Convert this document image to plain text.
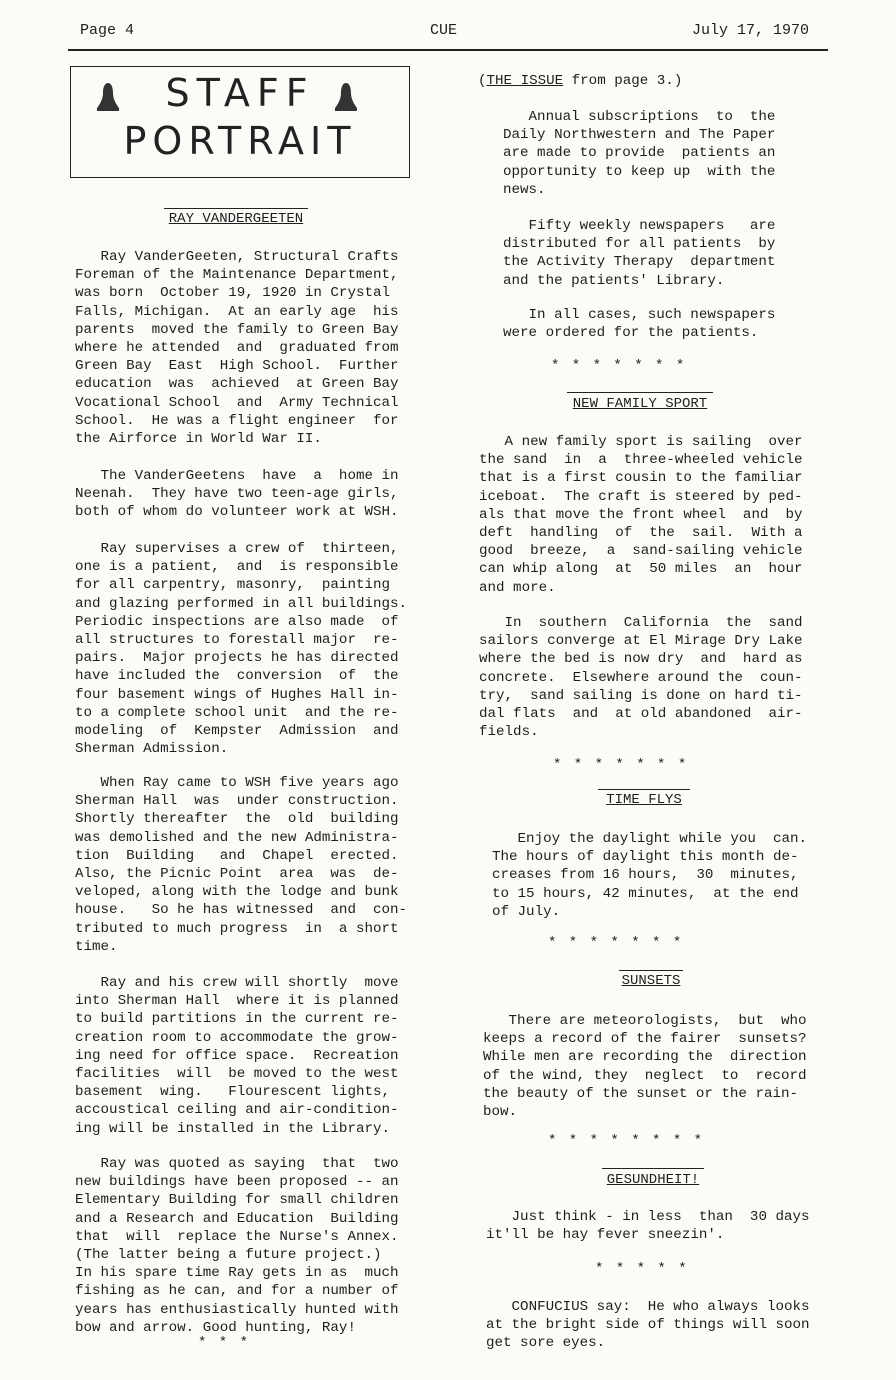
Page 4	CUE	July 17, 1970
STAFF
PORTRAIT
RAY VANDERGEETEN
Ray VanderGeeten, Structural Crafts
Foreman of the Maintenance Department,
was born  October 19, 1920 in Crystal
Falls, Michigan.  At an early age  his
parents  moved the family to Green Bay
where he attended  and  graduated from
Green Bay  East  High School.  Further
education  was  achieved  at Green Bay
Vocational School  and  Army Technical
School.  He was a flight engineer  for
the Airforce in World War II.
The VanderGeetens  have  a  home in
Neenah.  They have two teen-age girls,
both of whom do volunteer work at WSH.
Ray supervises a crew of  thirteen,
one is a patient,  and  is responsible
for all carpentry, masonry,  painting
and glazing performed in all buildings.
Periodic inspections are also made  of
all structures to forestall major  re-
pairs.  Major projects he has directed
have included the  conversion  of  the
four basement wings of Hughes Hall in-
to a complete school unit  and the re-
modeling  of  Kempster  Admission  and
Sherman Admission.
When Ray came to WSH five years ago
Sherman Hall  was  under construction.
Shortly thereafter  the  old  building
was demolished and the new Administra-
tion  Building   and  Chapel  erected.
Also, the Picnic Point  area  was  de-
veloped, along with the lodge and bunk
house.   So he has witnessed  and  con-
tributed to much progress  in  a short
time.
Ray and his crew will shortly  move
into Sherman Hall  where it is planned
to build partitions in the current re-
creation room to accommodate the grow-
ing need for office space.  Recreation
facilities  will  be moved to the west
basement  wing.   Flourescent lights,
accoustical ceiling and air-condition-
ing will be installed in the Library.
Ray was quoted as saying  that  two
new buildings have been proposed -- an
Elementary Building for small children
and a Research and Education  Building
that  will  replace the Nurse's Annex.
(The latter being a future project.)
In his spare time Ray gets in as  much
fishing as he can, and for a number of
years has enthusiastically hunted with
bow and arrow. Good hunting, Ray!
* * *
(THE ISSUE from page 3.)
Annual subscriptions  to  the
Daily Northwestern and The Paper
are made to provide  patients an
opportunity to keep up  with the
news.
Fifty weekly newspapers   are
distributed for all patients  by
the Activity Therapy  department
and the patients' Library.
In all cases, such newspapers
were ordered for the patients.
* * * * * * *
NEW FAMILY SPORT
A new family sport is sailing  over
the sand  in  a  three-wheeled vehicle
that is a first cousin to the familiar
iceboat.  The craft is steered by ped-
als that move the front wheel  and  by
deft  handling  of  the  sail.  With a
good  breeze,  a  sand-sailing vehicle
can whip along  at  50 miles  an  hour
and more.
In  southern  California  the  sand
sailors converge at El Mirage Dry Lake
where the bed is now dry  and  hard as
concrete.  Elsewhere around the  coun-
try,  sand sailing is done on hard ti-
dal flats  and  at old abandoned  air-
fields.
* * * * * * *
TIME FLYS
Enjoy the daylight while you  can.
The hours of daylight this month de-
creases from 16 hours,  30  minutes,
to 15 hours, 42 minutes,  at the end
of July.
* * * * * * *
SUNSETS
There are meteorologists,  but  who
keeps a record of the fairer  sunsets?
While men are recording the  direction
of the wind, they  neglect  to  record
the beauty of the sunset or the rain-
bow.
* * * * * * * *
GESUNDHEIT!
Just think - in less  than  30 days
it'll be hay fever sneezin'.
* * * * *
CONFUCIUS say:  He who always looks
at the bright side of things will soon
get sore eyes.
